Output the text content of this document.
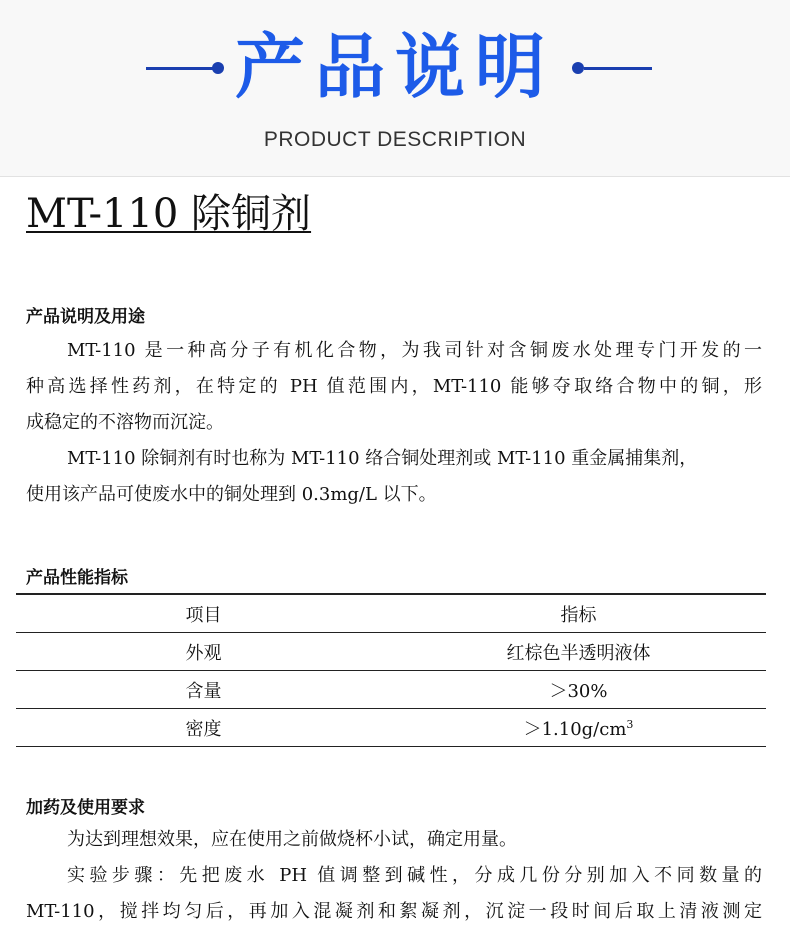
产品说明
PRODUCT DESCRIPTION
MT-110 除铜剂
产品说明及用途
MT-110 是一种高分子有机化合物，为我司针对含铜废水处理专门开发的一
种高选择性药剂，在特定的 PH 值范围内，MT-110 能够夺取络合物中的铜，形
成稳定的不溶物而沉淀。
MT-110 除铜剂有时也称为 MT-110 络合铜处理剂或 MT-110 重金属捕集剂，
使用该产品可使废水中的铜处理到 0.3mg/L 以下。
产品性能指标
项目	指标
外观	红棕色半透明液体
含量	＞30%
密度	$>1.10g/cm^3$
加药及使用要求
为达到理想效果，应在使用之前做烧杯小试，确定用量。
实验步骤：先把废水 PH 值调整到碱性，分成几份分别加入不同数量的
MT-110，搅拌均匀后，再加入混凝剂和絮凝剂，沉淀一段时间后取上清液测定
